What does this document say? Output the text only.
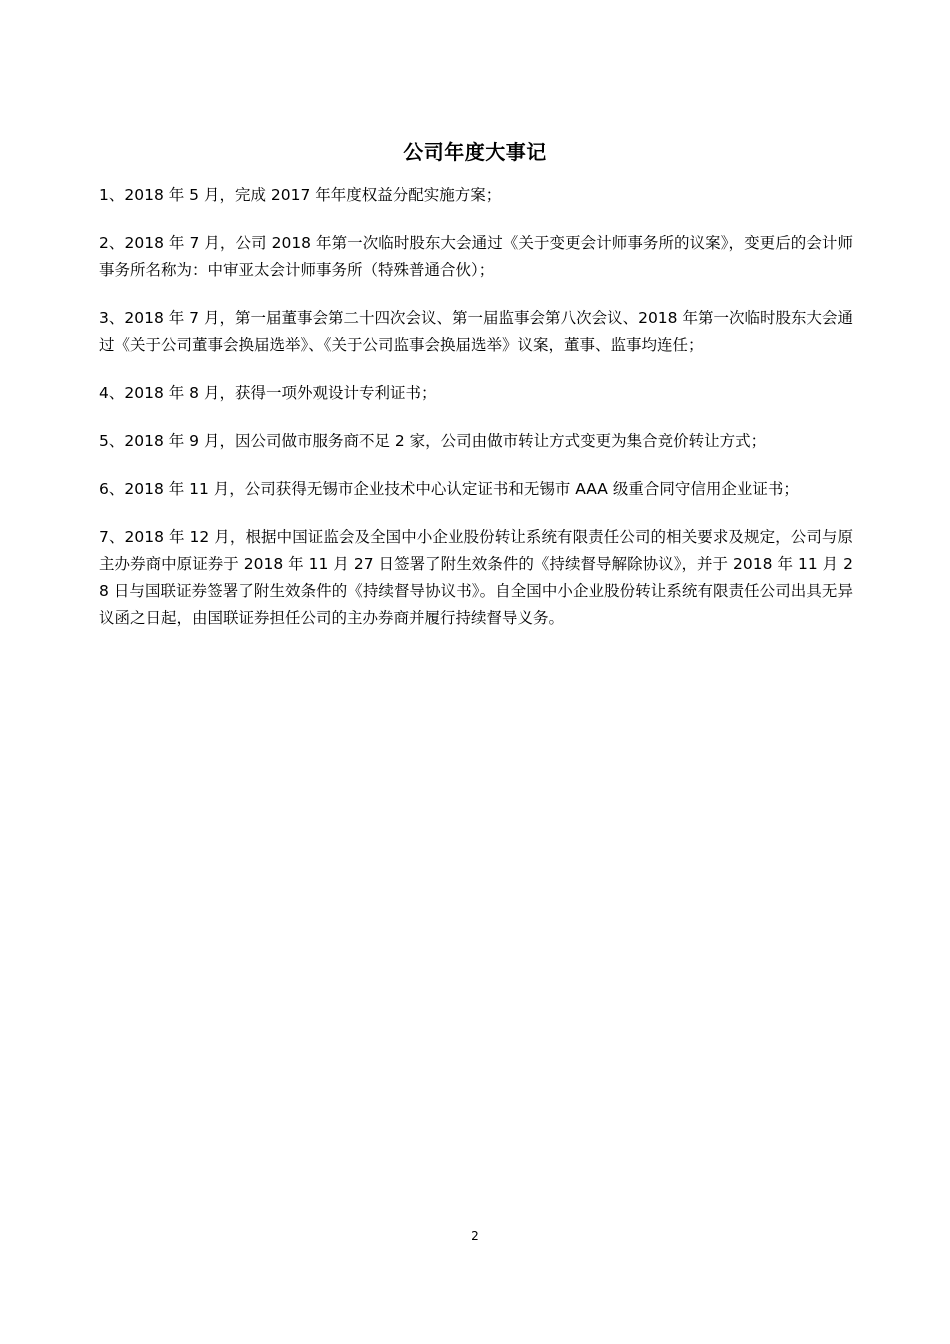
公司年度大事记

1、2018 年 5 月，完成 2017 年年度权益分配实施方案；

2、2018 年 7 月，公司 2018 年第一次临时股东大会通过《关于变更会计师事务所的议案》，变更后的会计师事务所名称为：中审亚太会计师事务所（特殊普通合伙）；

3、2018 年 7 月，第一届董事会第二十四次会议、第一届监事会第八次会议、2018 年第一次临时股东大会通过《关于公司董事会换届选举》、《关于公司监事会换届选举》议案，董事、监事均连任；

4、2018 年 8 月，获得一项外观设计专利证书；

5、2018 年 9 月，因公司做市服务商不足 2 家，公司由做市转让方式变更为集合竞价转让方式；

6、2018 年 11 月，公司获得无锡市企业技术中心认定证书和无锡市 AAA 级重合同守信用企业证书；

7、2018 年 12 月，根据中国证监会及全国中小企业股份转让系统有限责任公司的相关要求及规定，公司与原主办券商中原证券于 2018 年 11 月 27 日签署了附生效条件的《持续督导解除协议》，并于 2018 年 11 月 28 日与国联证券签署了附生效条件的《持续督导协议书》。自全国中小企业股份转让系统有限责任公司出具无异议函之日起，由国联证券担任公司的主办券商并履行持续督导义务。

2
